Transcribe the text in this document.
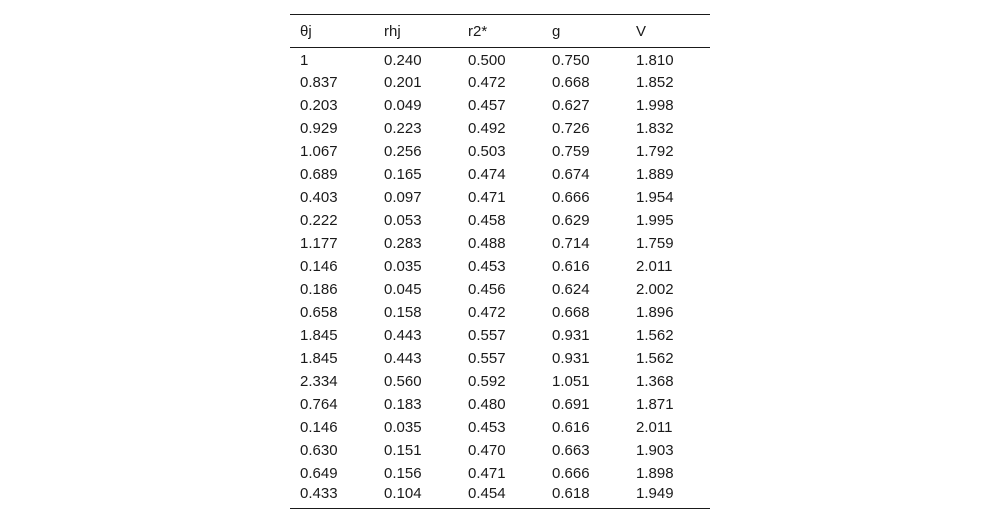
θj	rhj	r2*	g	V
1	0.240	0.500	0.750	1.810
0.837	0.201	0.472	0.668	1.852
0.203	0.049	0.457	0.627	1.998
0.929	0.223	0.492	0.726	1.832
1.067	0.256	0.503	0.759	1.792
0.689	0.165	0.474	0.674	1.889
0.403	0.097	0.471	0.666	1.954
0.222	0.053	0.458	0.629	1.995
1.177	0.283	0.488	0.714	1.759
0.146	0.035	0.453	0.616	2.011
0.186	0.045	0.456	0.624	2.002
0.658	0.158	0.472	0.668	1.896
1.845	0.443	0.557	0.931	1.562
1.845	0.443	0.557	0.931	1.562
2.334	0.560	0.592	1.051	1.368
0.764	0.183	0.480	0.691	1.871
0.146	0.035	0.453	0.616	2.011
0.630	0.151	0.470	0.663	1.903
0.649	0.156	0.471	0.666	1.898
0.433	0.104	0.454	0.618	1.949
